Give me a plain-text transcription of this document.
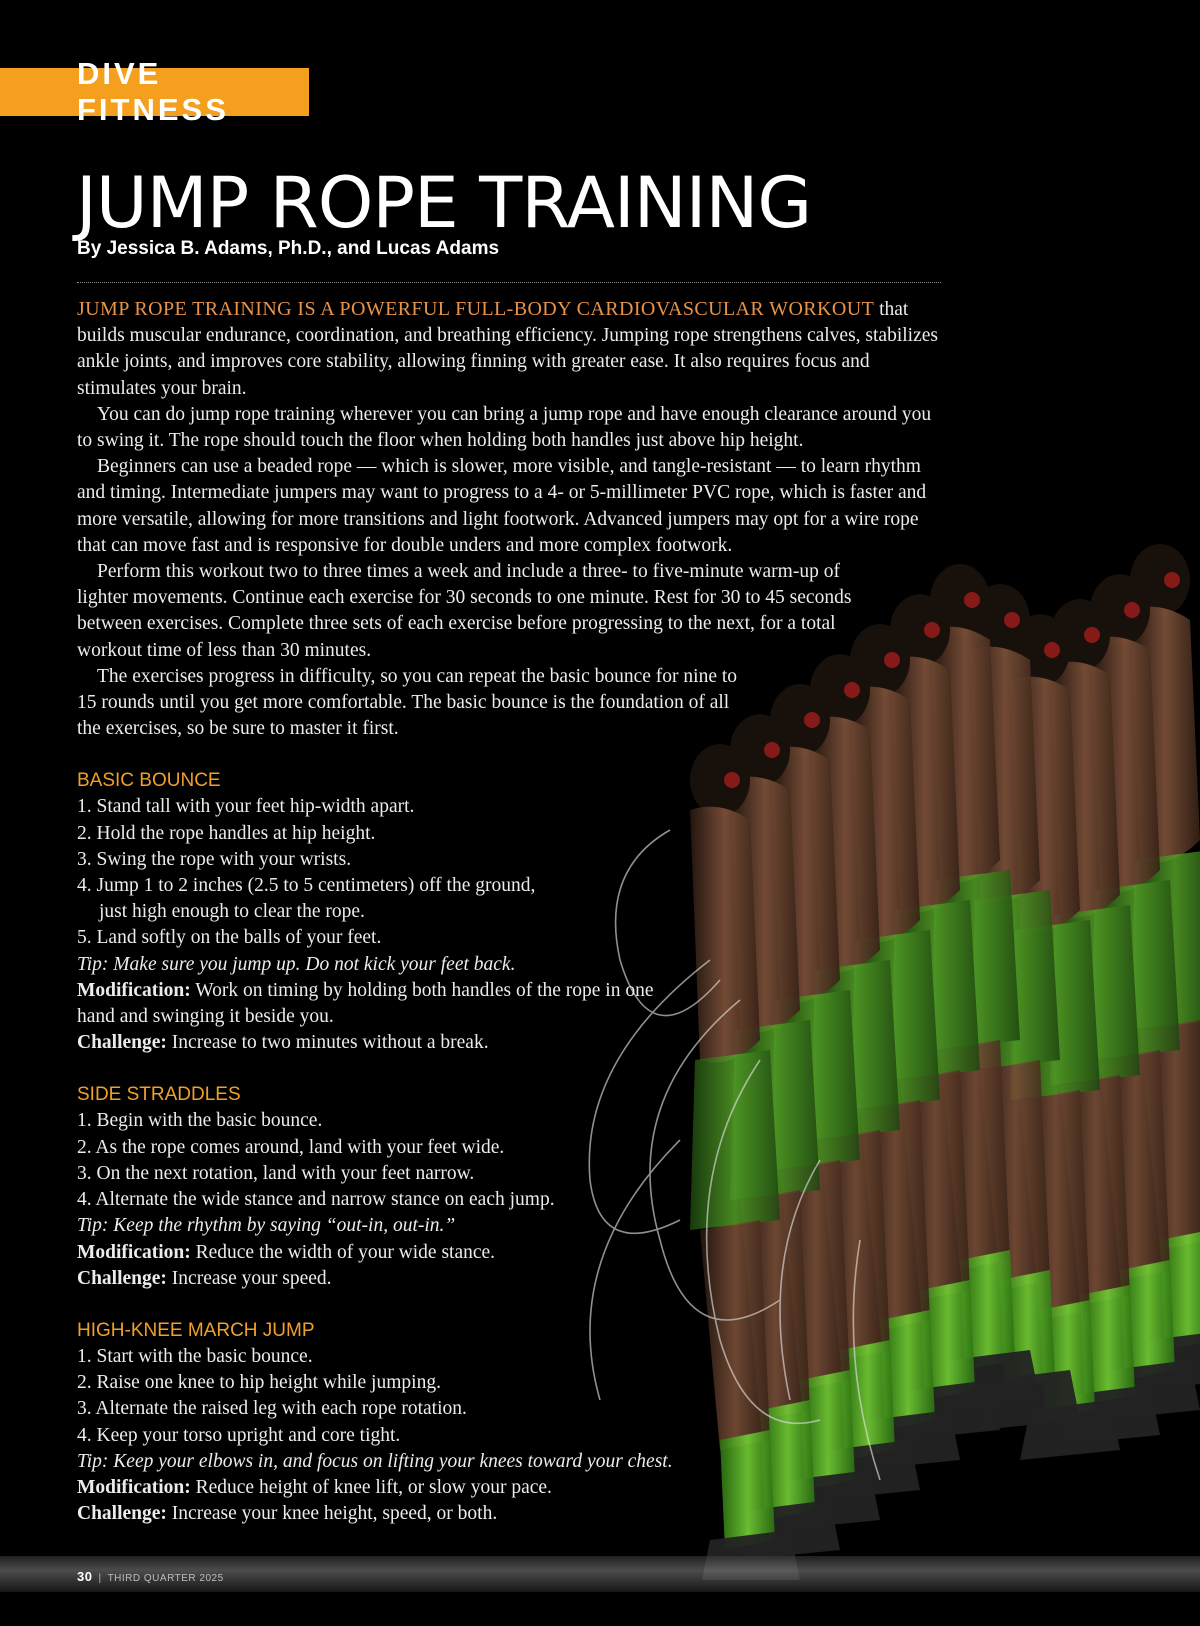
DIVE FITNESS
JUMP ROPE TRAINING
By Jessica B. Adams, Ph.D., and Lucas Adams

JUMP ROPE TRAINING IS A POWERFUL FULL-BODY CARDIOVASCULAR WORKOUT that builds muscular endurance, coordination, and breathing efficiency. Jumping rope strengthens calves, stabilizes ankle joints, and improves core stability, allowing finning with greater ease. It also requires focus and stimulates your brain.

You can do jump rope training wherever you can bring a jump rope and have enough clearance around you to swing it. The rope should touch the floor when holding both handles just above hip height.

Beginners can use a beaded rope — which is slower, more visible, and tangle-resistant — to learn rhythm and timing. Intermediate jumpers may want to progress to a 4- or 5-millimeter PVC rope, which is faster and more versatile, allowing for more transitions and light footwork. Advanced jumpers may opt for a wire rope that can move fast and is responsive for double unders and more complex footwork.

Perform this workout two to three times a week and include a three- to five-minute warm-up of lighter movements. Continue each exercise for 30 seconds to one minute. Rest for 30 to 45 seconds between exercises. Complete three sets of each exercise before progressing to the next, for a total workout time of less than 30 minutes.

The exercises progress in difficulty, so you can repeat the basic bounce for nine to 15 rounds until you get more comfortable. The basic bounce is the foundation of all the exercises, so be sure to master it first.

BASIC BOUNCE

1. Stand tall with your feet hip-width apart.

2. Hold the rope handles at hip height.

3. Swing the rope with your wrists.

4. Jump 1 to 2 inches (2.5 to 5 centimeters) off the ground,
just high enough to clear the rope.

5. Land softly on the balls of your feet.

Tip: Make sure you jump up. Do not kick your feet back.

Modification: Work on timing by holding both handles of the rope in one hand and swinging it beside you.

Challenge: Increase to two minutes without a break.

SIDE STRADDLES

1. Begin with the basic bounce.

2. As the rope comes around, land with your feet wide.

3. On the next rotation, land with your feet narrow.

4. Alternate the wide stance and narrow stance on each jump.

Tip: Keep the rhythm by saying “out-in, out-in.”

Modification: Reduce the width of your wide stance.

Challenge: Increase your speed.

HIGH-KNEE MARCH JUMP

1. Start with the basic bounce.

2. Raise one knee to hip height while jumping.

3. Alternate the raised leg with each rope rotation.

4. Keep your torso upright and core tight.

Tip: Keep your elbows in, and focus on lifting your knees toward your chest.

Modification: Reduce height of knee lift, or slow your pace.

Challenge: Increase your knee height, speed, or both.

30 | THIRD QUARTER 2025
